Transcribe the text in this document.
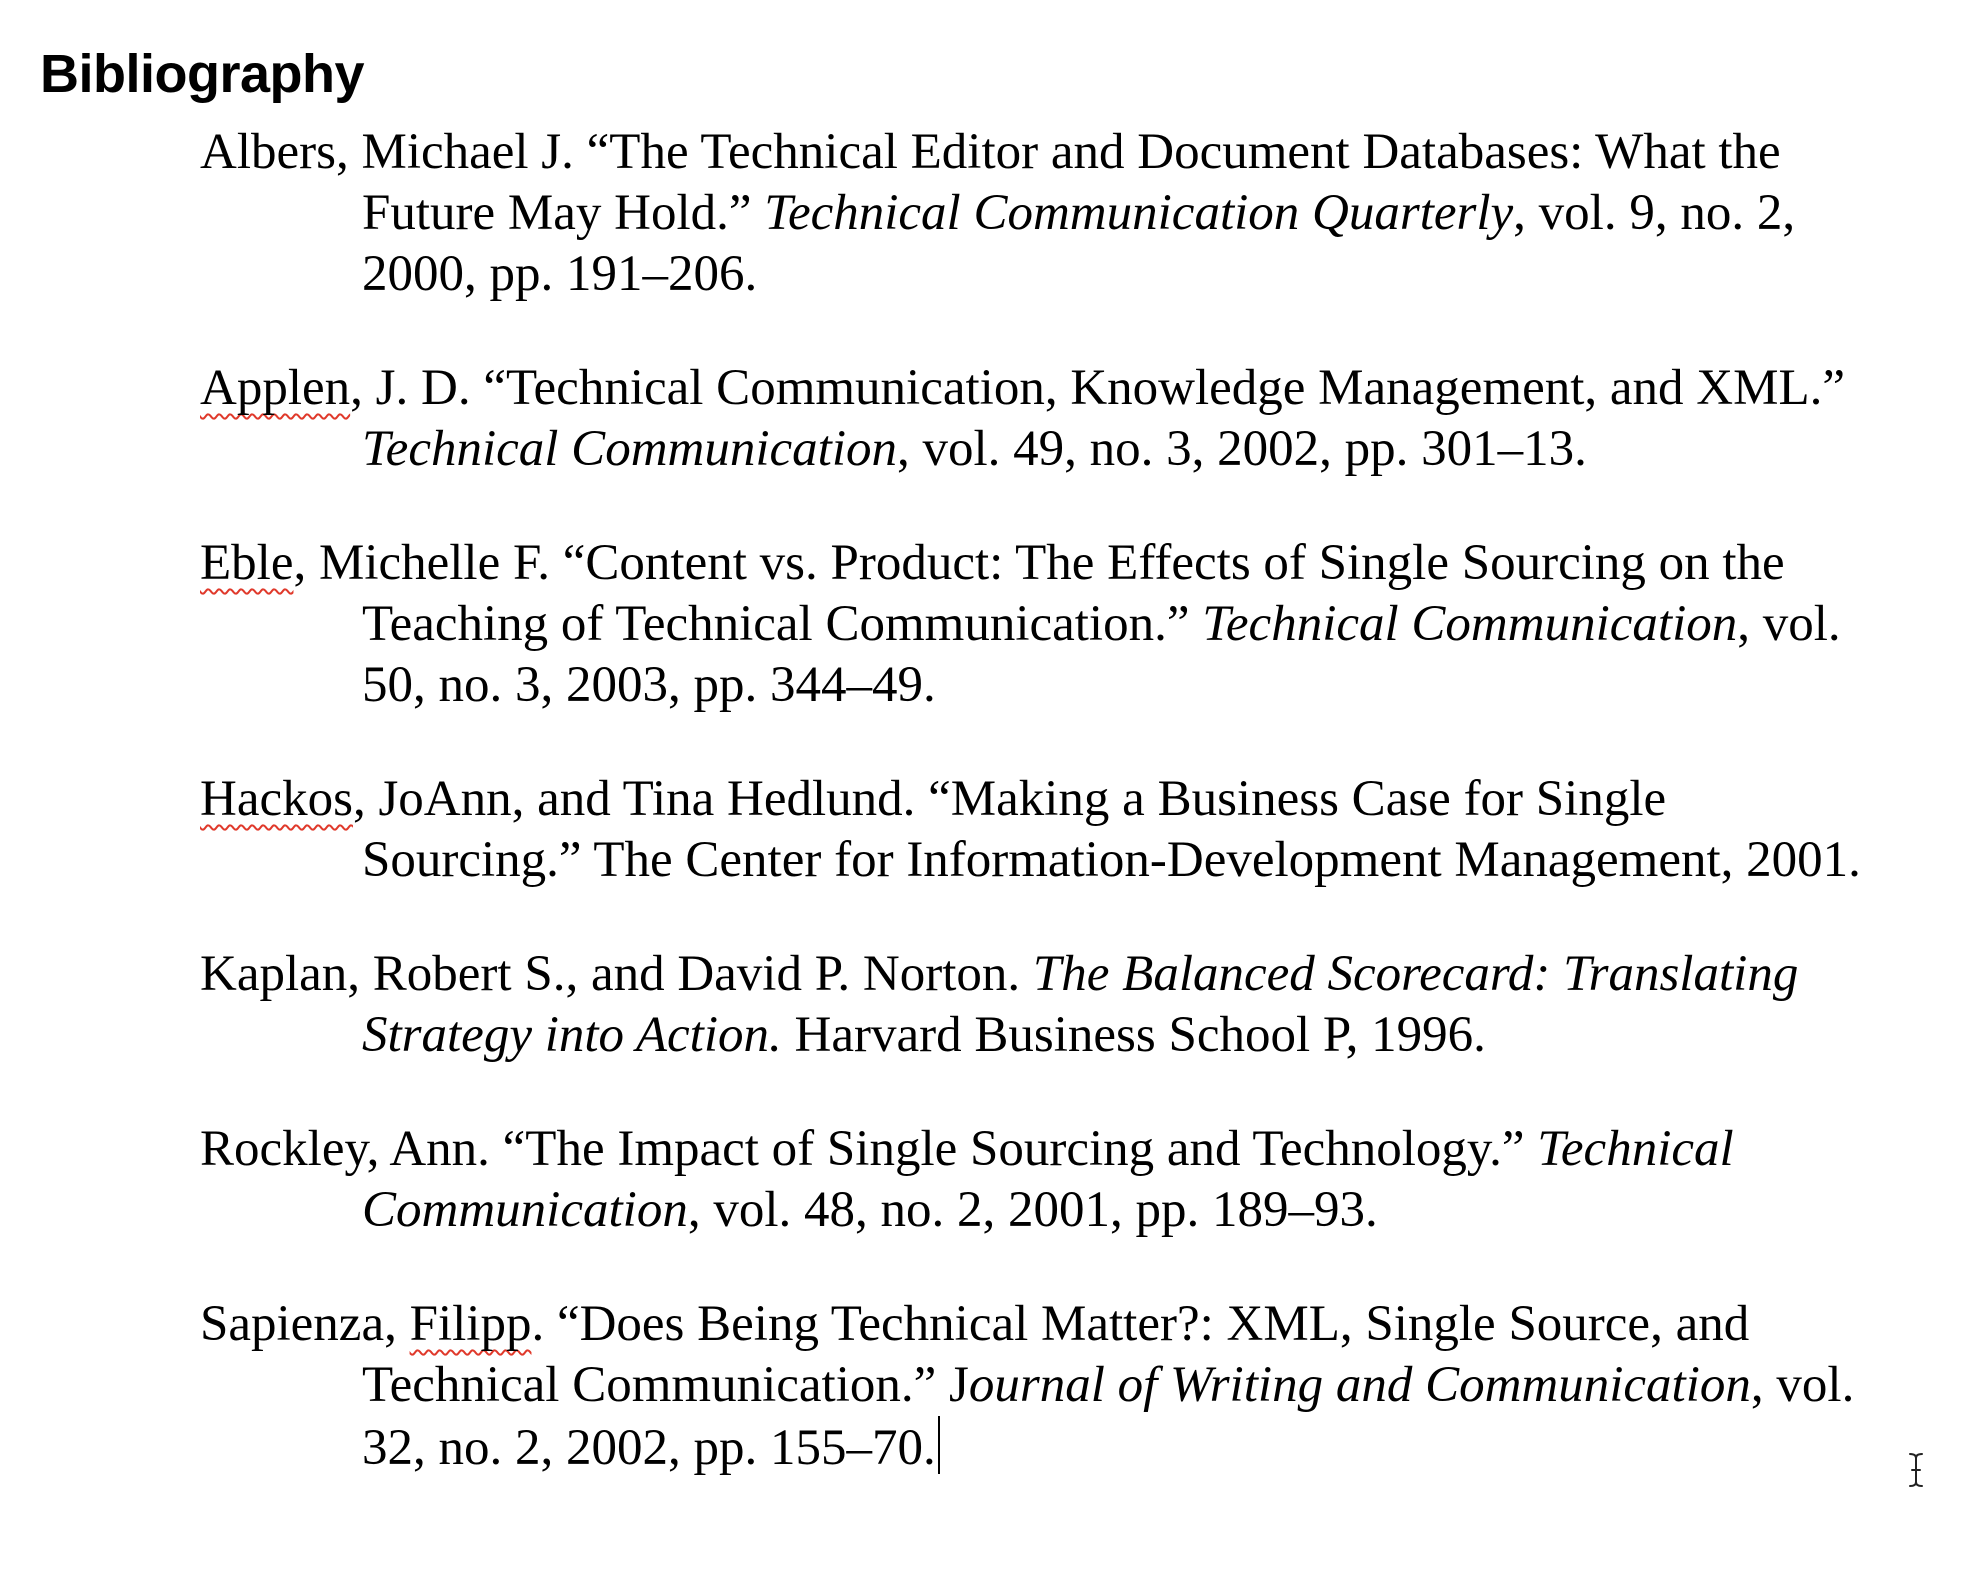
Bibliography
Albers, Michael J. “The Technical Editor and Document Databases: What the
Future May Hold.” Technical Communication Quarterly, vol. 9, no. 2,
2000, pp. 191–206.
Applen, J. D. “Technical Communication, Knowledge Management, and XML.”
Technical Communication, vol. 49, no. 3, 2002, pp. 301–13.
Eble, Michelle F. “Content vs. Product: The Effects of Single Sourcing on the
Teaching of Technical Communication.” Technical Communication, vol.
50, no. 3, 2003, pp. 344–49.
Hackos, JoAnn, and Tina Hedlund. “Making a Business Case for Single
Sourcing.” The Center for Information-Development Management, 2001.
Kaplan, Robert S., and David P. Norton. The Balanced Scorecard: Translating
Strategy into Action. Harvard Business School P, 1996.
Rockley, Ann. “The Impact of Single Sourcing and Technology.” Technical
Communication, vol. 48, no. 2, 2001, pp. 189–93.
Sapienza, Filipp. “Does Being Technical Matter?: XML, Single Source, and
Technical Communication.” Journal of Writing and Communication, vol.
32, no. 2, 2002, pp. 155–70.
